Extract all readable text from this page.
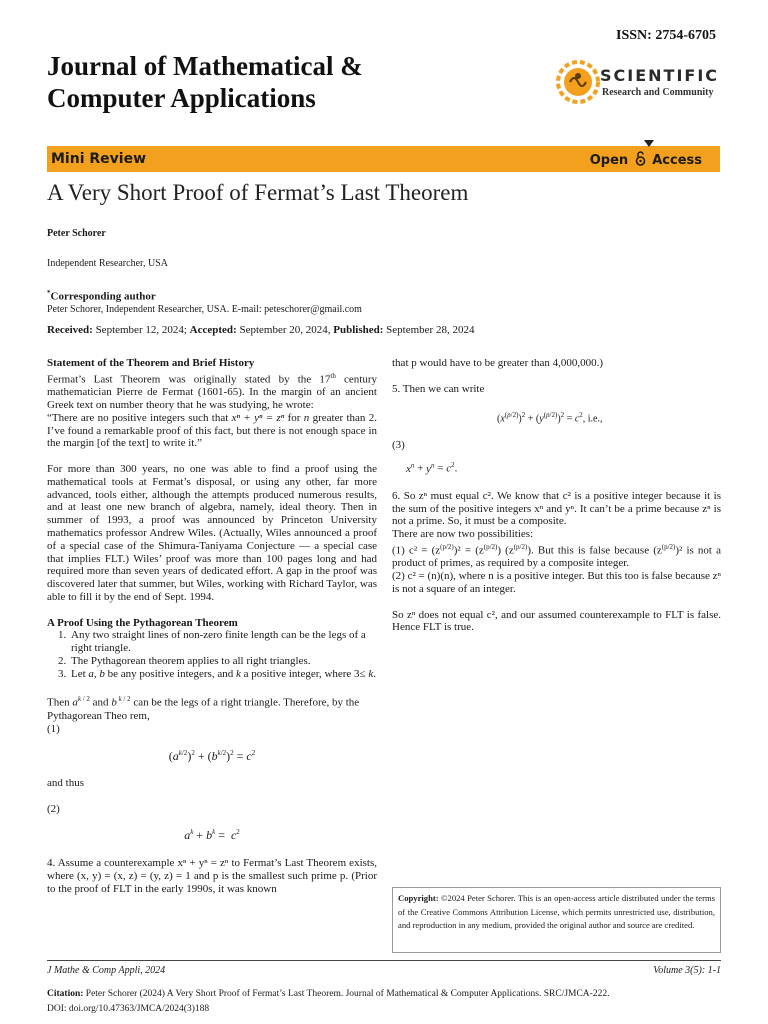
ISSN: 2754-6705
Journal of Mathematical &
Computer Applications
SCIENTIFIC
Research and Community
Mini Review	Open Access
A Very Short Proof of Fermat’s Last Theorem
Peter Schorer
Independent Researcher, USA
*Corresponding author
Peter Schorer, Independent Researcher, USA. E-mail: peteschorer@gmail.com
Received: September 12, 2024; Accepted: September 20, 2024, Published: September 28, 2024

Statement of the Theorem and Brief History

Fermat’s Last Theorem was originally stated by the 17th century mathematician Pierre de Fermat (1601-65). In the margin of an ancient Greek text on number theory that he was studying, he wrote:

“There are no positive integers such that xⁿ + yⁿ = zⁿ for n greater than 2. I’ve found a remarkable proof of this fact, but there is not enough space in the margin [of the text] to write it.”

For more than 300 years, no one was able to find a proof using the mathematical tools at Fermat’s disposal, or using any other, far more advanced, tools either, although the attempts produced numerous results, and at least one new branch of algebra, namely, ideal theory. Then in summer of 1993, a proof was announced by Princeton University mathematics professor Andrew Wiles. (Actually, Wiles announced a proof of a special case of the Shimura-Taniyama Conjecture — a special case that implies FLT.) Wiles’ proof was more than 100 pages long and had required more than seven years of dedicated effort. A gap in the proof was discovered later that summer, but Wiles, working with Richard Taylor, was able to fill it by the end of Sept. 1994.

A Proof Using the Pythagorean Theorem

1. Any two straight lines of non-zero finite length can be the legs of a right triangle.
2. The Pythagorean theorem applies to all right triangles.
3. Let a, b be any positive integers, and k a positive integer, where 3≤ k.

Then $a^{k / 2}$ and b $^{k / 2}$ can be the legs of a right triangle. Therefore, by the Pythagorean Theo rem,

(1)

$(a^{k/2})^2 + (b^{k/2})^2 = c^2$

and thus

(2)

$a^k + b^k = c^2$

4. Assume a counterexample xⁿ + yⁿ = zⁿ to Fermat’s Last Theorem exists, where (x, y) = (x, z) = (y, z) = 1 and p is the smallest such prime p. (Prior to the proof of FLT in the early 1990s, it was known

that p would have to be greater than 4,000,000.)

5. Then we can write

$(x^{(p/2)})^2 + (y^{(p/2)})^2 = c^2$, i.e.,

(3)

$x^n + y^n = c^2$.

6. So zⁿ must equal c². We know that c² is a positive integer because it is the sum of the positive integers xⁿ and yⁿ. It can’t be a prime because zⁿ is not a prime. So, it must be a composite.

There are now two possibilities:

(1) $c^2 = (z^{(p/2)})^2 = (z^{(p/2)})$ $(z^{(p/2)})$. But this is false because $(z^{(p/2)})^2$ is not a product of primes, as required by a composite integer.

(2) c² = (n)(n), where n is a positive integer. But this too is false because zⁿ is not a square of an integer.

So zⁿ does not equal c², and our assumed counterexample to FLT is false. Hence FLT is true.

Copyright: ©2024 Peter Schorer. This is an open-access article distributed under the terms of the Creative Commons Attribution License, which permits unrestricted use, distribution, and reproduction in any medium, provided the original author and source are credited.
J Mathe & Comp Appli, 2024	Volume 3(5): 1-1
Citation: Peter Schorer (2024) A Very Short Proof of Fermat’s Last Theorem. Journal of Mathematical & Computer Applications. SRC/JMCA-222.
DOI: doi.org/10.47363/JMCA/2024(3)188
